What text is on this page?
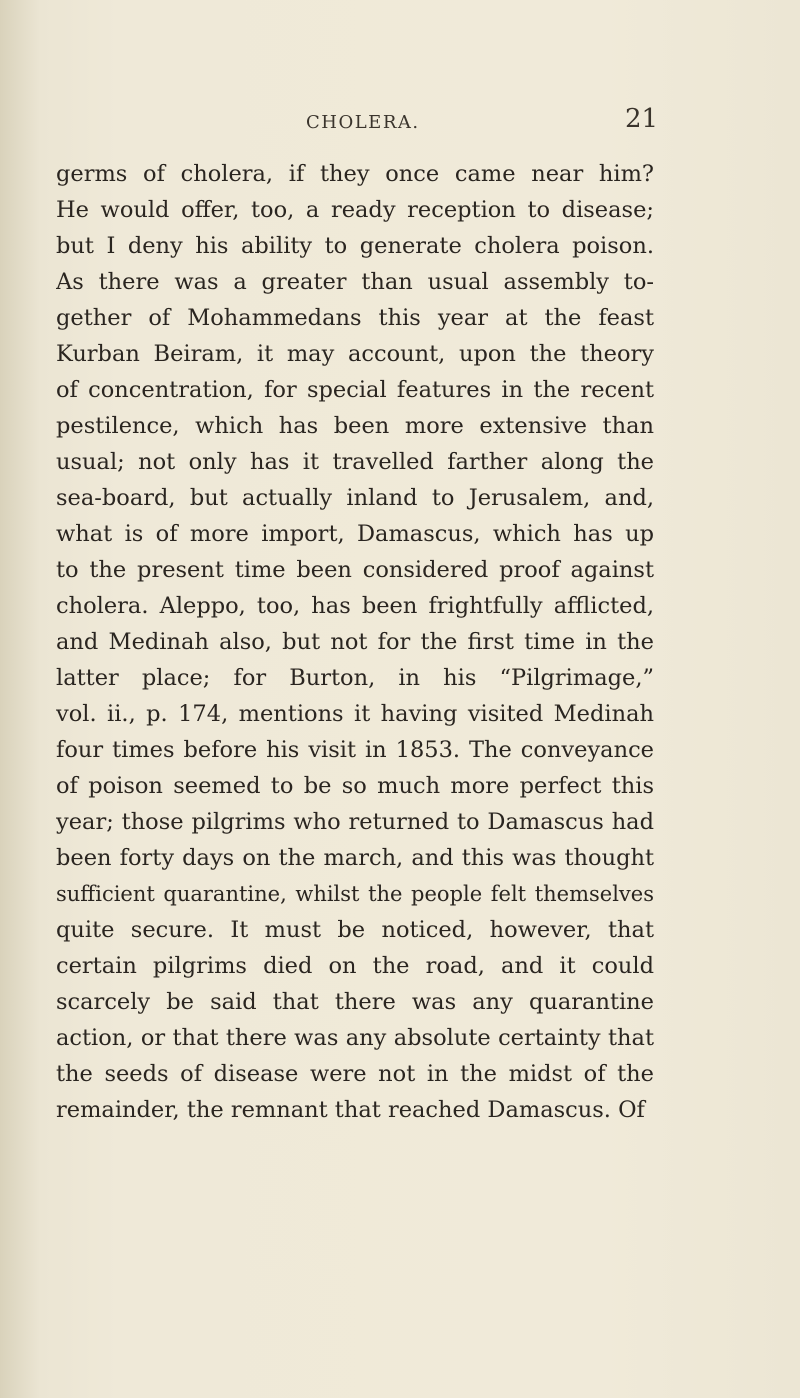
CHOLERA.	21
germs of cholera, if they once came near him?
He would offer, too, a ready reception to disease;
but I deny his ability to generate cholera poison.
As there was a greater than usual assembly to-
gether of Mohammedans this year at the feast
Kurban Beiram, it may account, upon the theory
of concentration, for special features in the recent
pestilence, which has been more extensive than
usual; not only has it travelled farther along the
sea-board, but actually inland to Jerusalem, and,
what is of more import, Damascus, which has up
to the present time been considered proof against
cholera. Aleppo, too, has been frightfully afflicted,
and Medinah also, but not for the first time in the
latter place; for Burton, in his “Pilgrimage,”
vol. ii., p. 174, mentions it having visited Medinah
four times before his visit in 1853. The conveyance
of poison seemed to be so much more perfect this
year; those pilgrims who returned to Damascus had
been forty days on the march, and this was thought
sufficient quarantine, whilst the people felt themselves
quite secure. It must be noticed, however, that
certain pilgrims died on the road, and it could
scarcely be said that there was any quarantine
action, or that there was any absolute certainty that
the seeds of disease were not in the midst of the
remainder, the remnant that reached Damascus. Of
